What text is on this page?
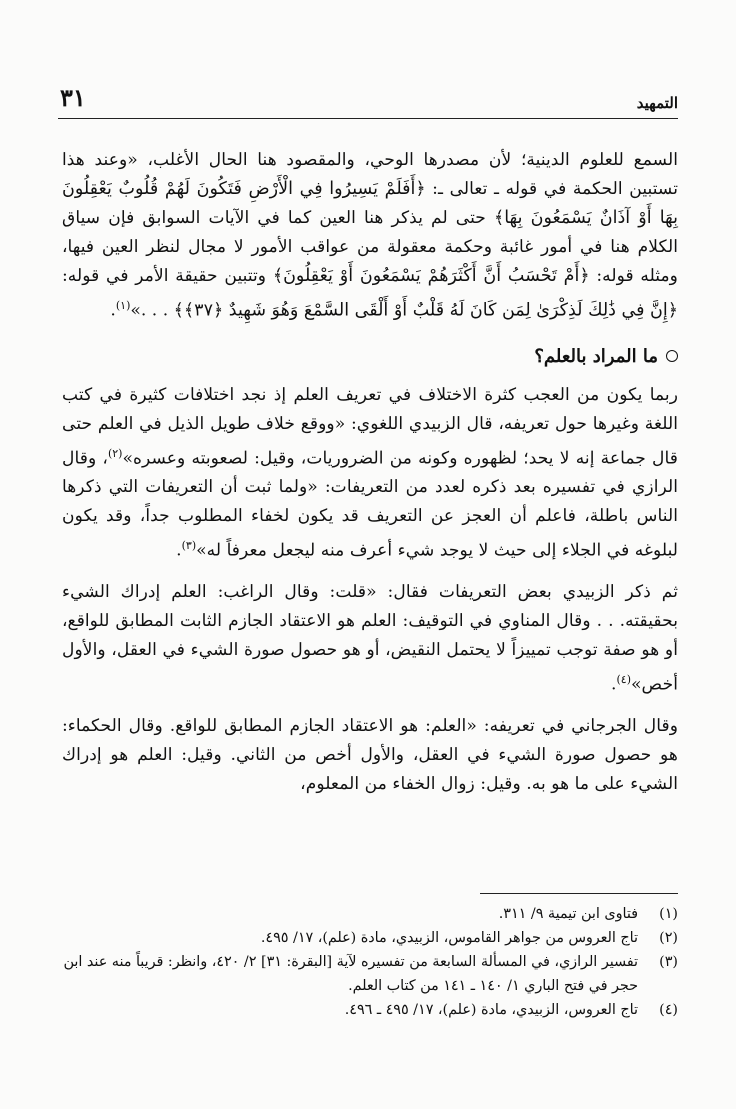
التمهيد
٣١

السمع للعلوم الدينية؛ لأن مصدرها الوحي، والمقصود هنا الحال الأغلب، «وعند هذا تستبين الحكمة في قوله ـ تعالى ـ: ﴿أَفَلَمْ يَسِيرُوا فِي الْأَرْضِ فَتَكُونَ لَهُمْ قُلُوبٌ يَعْقِلُونَ بِهَا أَوْ آذَانٌ يَسْمَعُونَ بِهَا﴾ حتى لم يذكر هنا العين كما في الآيات السوابق فإن سياق الكلام هنا في أمور غائبة وحكمة معقولة من عواقب الأمور لا مجال لنظر العين فيها، ومثله قوله: ﴿أَمْ تَحْسَبُ أَنَّ أَكْثَرَهُمْ يَسْمَعُونَ أَوْ يَعْقِلُونَ﴾ وتتبين حقيقة الأمر في قوله: ﴿إِنَّ فِي ذَٰلِكَ لَذِكْرَىٰ لِمَن كَانَ لَهُ قَلْبٌ أَوْ أَلْقَى السَّمْعَ وَهُوَ شَهِيدٌ ﴿٣٧﴾﴾ . . .»$^{(١)}$.

ما المراد بالعلم؟

ربما يكون من العجب كثرة الاختلاف في تعريف العلم إذ نجد اختلافات كثيرة في كتب اللغة وغيرها حول تعريفه، قال الزبيدي اللغوي: «ووقع خلاف طويل الذيل في العلم حتى قال جماعة إنه لا يحد؛ لظهوره وكونه من الضروريات، وقيل: لصعوبته وعسره»$^{(٢)}$، وقال الرازي في تفسيره بعد ذكره لعدد من التعريفات: «ولما ثبت أن التعريفات التي ذكرها الناس باطلة، فاعلم أن العجز عن التعريف قد يكون لخفاء المطلوب جداً، وقد يكون لبلوغه في الجلاء إلى حيث لا يوجد شيء أعرف منه ليجعل معرفاً له»$^{(٣)}$.

ثم ذكر الزبيدي بعض التعريفات فقال: «قلت: وقال الراغب: العلم إدراك الشيء بحقيقته. . . وقال المناوي في التوقيف: العلم هو الاعتقاد الجازم الثابت المطابق للواقع، أو هو صفة توجب تمييزاً لا يحتمل النقيض، أو هو حصول صورة الشيء في العقل، والأول أخص»$^{(٤)}$.

وقال الجرجاني في تعريفه: «العلم: هو الاعتقاد الجازم المطابق للواقع. وقال الحكماء: هو حصول صورة الشيء في العقل، والأول أخص من الثاني. وقيل: العلم هو إدراك الشيء على ما هو به. وقيل: زوال الخفاء من المعلوم،

(١)
فتاوى ابن تيمية ٩/ ٣١١.
(٢)
تاج العروس من جواهر القاموس، الزبيدي، مادة (علم)، ١٧/ ٤٩٥.
(٣)
تفسير الرازي، في المسألة السابعة من تفسيره لآية [البقرة: ٣١] ٢/ ٤٢٠، وانظر: قريباً منه عند ابن حجر في فتح الباري ١/ ١٤٠ ـ ١٤١ من كتاب العلم.
(٤)
تاج العروس، الزبيدي، مادة (علم)، ١٧/ ٤٩٥ ـ ٤٩٦.
